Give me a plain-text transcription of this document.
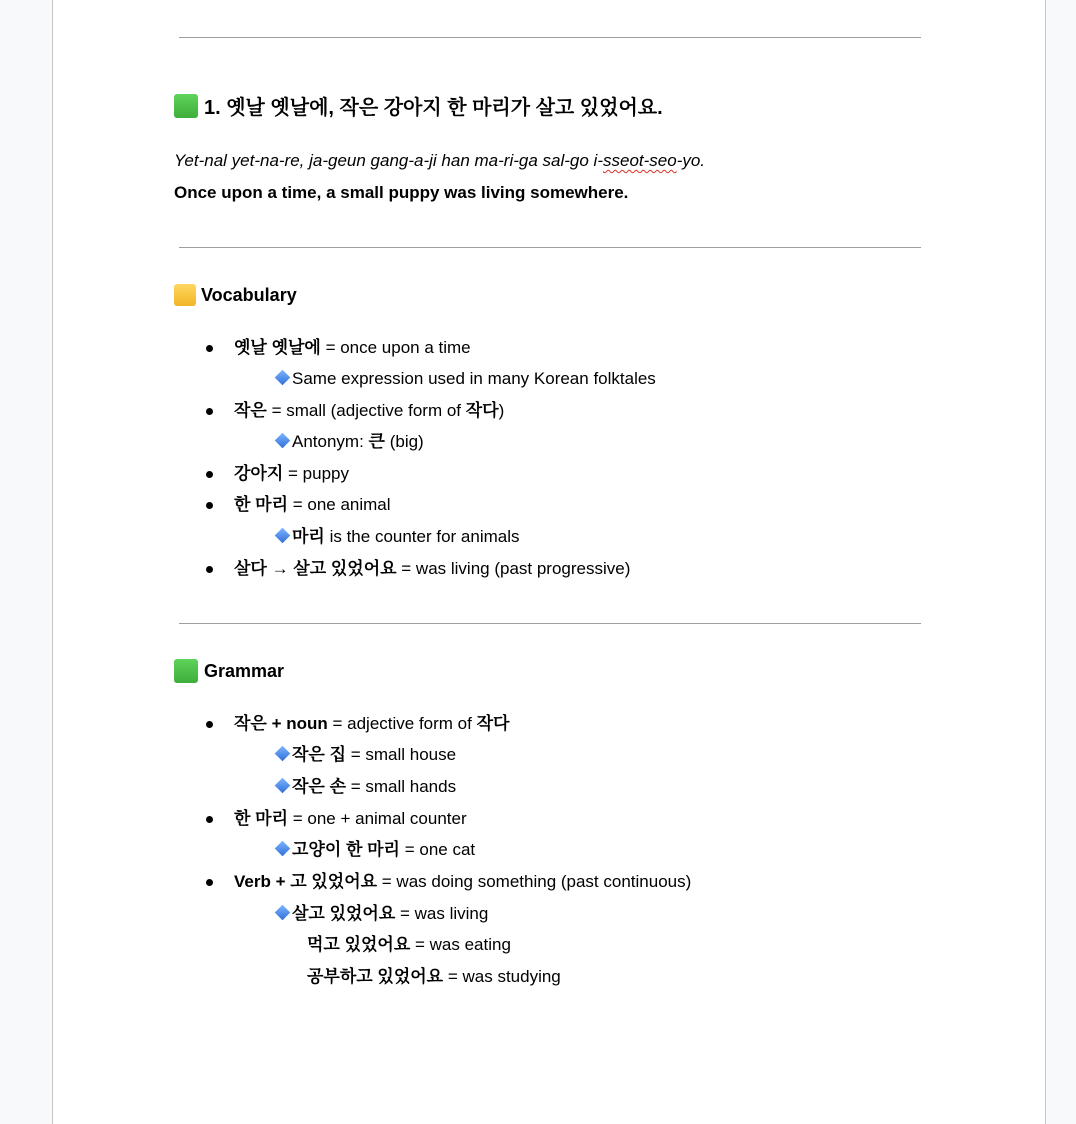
1. 옛날 옛날에, 작은 강아지 한 마리가 살고 있었어요.
Yet-nal yet-na-re, ja-geun gang-a-ji han ma-ri-ga sal-go i-sseot-seo-yo.
Once upon a time, a small puppy was living somewhere.
Vocabulary
옛날 옛날에 = once upon a time
Same expression used in many Korean folktales
작은 = small (adjective form of 작다)
Antonym: 큰 (big)
강아지 = puppy
한 마리 = one animal
마리 is the counter for animals
살다 → 살고 있었어요 = was living (past progressive)
Grammar
작은 + noun = adjective form of 작다
작은 집 = small house
작은 손 = small hands
한 마리 = one + animal counter
고양이 한 마리 = one cat
Verb + 고 있었어요 = was doing something (past continuous)
살고 있었어요 = was living
먹고 있었어요 = was eating
공부하고 있었어요 = was studying
